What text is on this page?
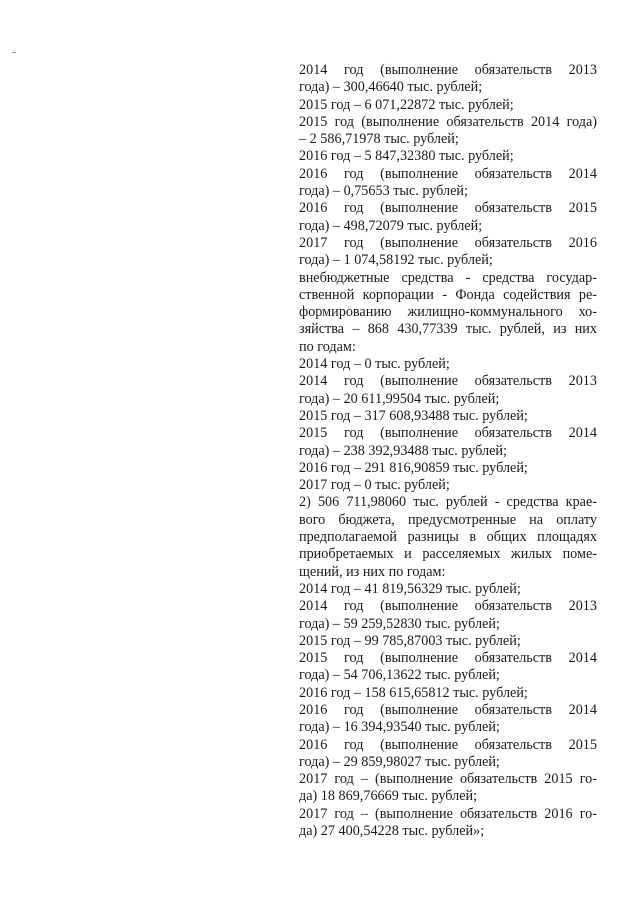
2014 год (выполнение обязательств 2013
года) – 300,46640 тыс. рублей;
2015 год – 6 071,22872 тыс. рублей;
2015 год (выполнение обязательств 2014 года)
– 2 586,71978 тыс. рублей;
2016 год – 5 847,32380 тыс. рублей;
2016 год (выполнение обязательств 2014
года) – 0,75653 тыс. рублей;
2016 год (выполнение обязательств 2015
года) – 498,72079 тыс. рублей;
2017 год (выполнение обязательств 2016
года) – 1 074,58192 тыс. рублей;
внебюджетные средства - средства государ-
ственной корпорации - Фонда содействия ре-
формированию жилищно-коммунального хо-
зяйства – 868 430,77339 тыс. рублей, из них
по годам:
2014 год – 0 тыс. рублей;
2014 год (выполнение обязательств 2013
года) – 20 611,99504 тыс. рублей;
2015 год – 317 608,93488 тыс. рублей;
2015 год (выполнение обязательств 2014
года) – 238 392,93488 тыс. рублей;
2016 год – 291 816,90859 тыс. рублей;
2017 год – 0 тыс. рублей;
2) 506 711,98060 тыс. рублей - средства крае-
вого бюджета, предусмотренные на оплату
предполагаемой разницы в общих площадях
приобретаемых и расселяемых жилых поме-
щений, из них по годам:
2014 год – 41 819,56329 тыс. рублей;
2014 год (выполнение обязательств 2013
года) – 59 259,52830 тыс. рублей;
2015 год – 99 785,87003 тыс. рублей;
2015 год (выполнение обязательств 2014
года) – 54 706,13622 тыс. рублей;
2016 год – 158 615,65812 тыс. рублей;
2016 год (выполнение обязательств 2014
года) – 16 394,93540 тыс. рублей;
2016 год (выполнение обязательств 2015
года) – 29 859,98027 тыс. рублей;
2017 год – (выполнение обязательств 2015 го-
да) 18 869,76669 тыс. рублей;
2017 год – (выполнение обязательств 2016 го-
да) 27 400,54228 тыс. рублей»;
